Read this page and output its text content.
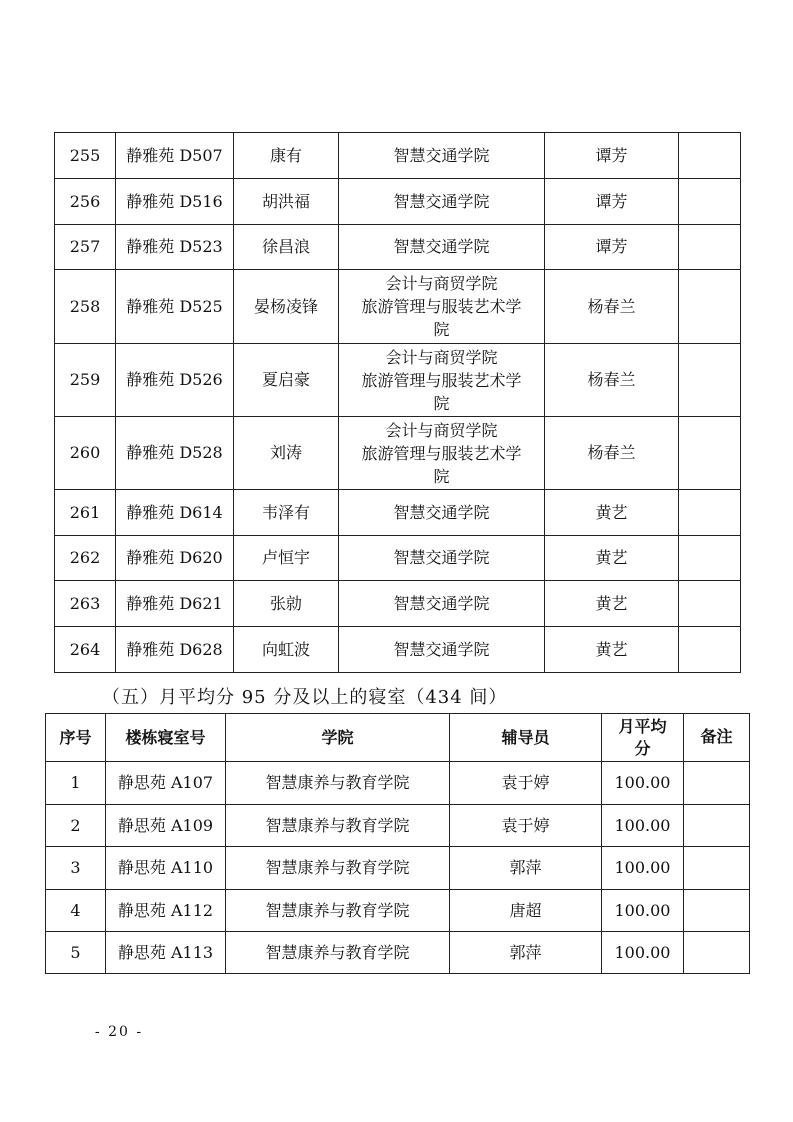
255	静雅苑 D507	康有	智慧交通学院	谭芳	
256	静雅苑 D516	胡洪福	智慧交通学院	谭芳	
257	静雅苑 D523	徐昌浪	智慧交通学院	谭芳	
258	静雅苑 D525	晏杨凌锋	会计与商贸学院
旅游管理与服装艺术学
院	杨春兰	
259	静雅苑 D526	夏启豪	会计与商贸学院
旅游管理与服装艺术学
院	杨春兰	
260	静雅苑 D528	刘涛	会计与商贸学院
旅游管理与服装艺术学
院	杨春兰	
261	静雅苑 D614	韦泽有	智慧交通学院	黄艺	
262	静雅苑 D620	卢恒宇	智慧交通学院	黄艺	
263	静雅苑 D621	张勍	智慧交通学院	黄艺	
264	静雅苑 D628	向虹波	智慧交通学院	黄艺	
（五）月平均分 95 分及以上的寝室（434 间）
序号	楼栋寝室号	学院	辅导员	月平均
分	备注
1	静思苑 A107	智慧康养与教育学院	袁于婷	100.00	
2	静思苑 A109	智慧康养与教育学院	袁于婷	100.00	
3	静思苑 A110	智慧康养与教育学院	郭萍	100.00	
4	静思苑 A112	智慧康养与教育学院	唐超	100.00	
5	静思苑 A113	智慧康养与教育学院	郭萍	100.00	
- 20 -
